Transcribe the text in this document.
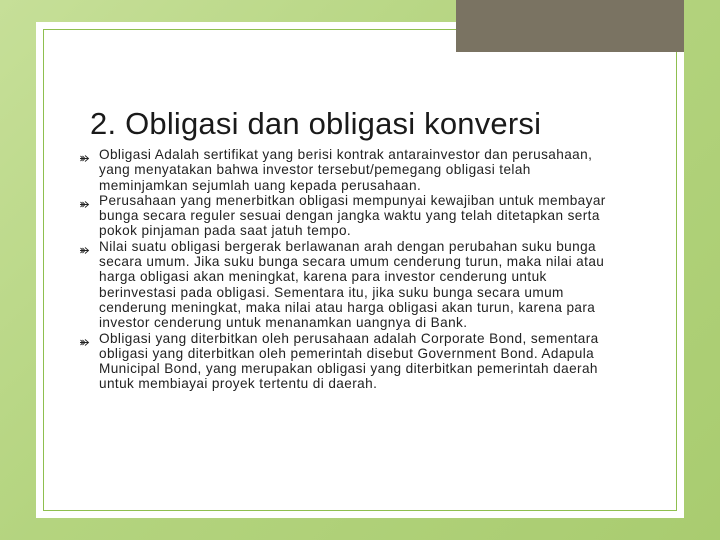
2. Obligasi dan obligasi konversi
Obligasi Adalah sertifikat yang berisi kontrak antarainvestor dan perusahaan, yang menyatakan bahwa investor tersebut/pemegang obligasi telah meminjamkan sejumlah uang kepada perusahaan.
Perusahaan yang menerbitkan obligasi mempunyai kewajiban untuk membayar bunga secara reguler sesuai dengan jangka waktu yang telah ditetapkan serta pokok pinjaman pada saat jatuh tempo.
Nilai suatu obligasi bergerak berlawanan arah dengan perubahan suku bunga secara umum. Jika suku bunga secara umum cenderung turun, maka nilai atau harga obligasi akan meningkat, karena para investor cenderung untuk berinvestasi pada obligasi. Sementara itu, jika suku bunga secara umum cenderung meningkat, maka nilai atau harga obligasi akan turun, karena para investor cenderung untuk menanamkan uangnya di Bank.
Obligasi yang diterbitkan oleh perusahaan adalah Corporate Bond, sementara obligasi yang diterbitkan oleh pemerintah disebut Government Bond. Adapula Municipal Bond, yang merupakan obligasi yang diterbitkan pemerintah daerah untuk membiayai proyek tertentu di daerah.
